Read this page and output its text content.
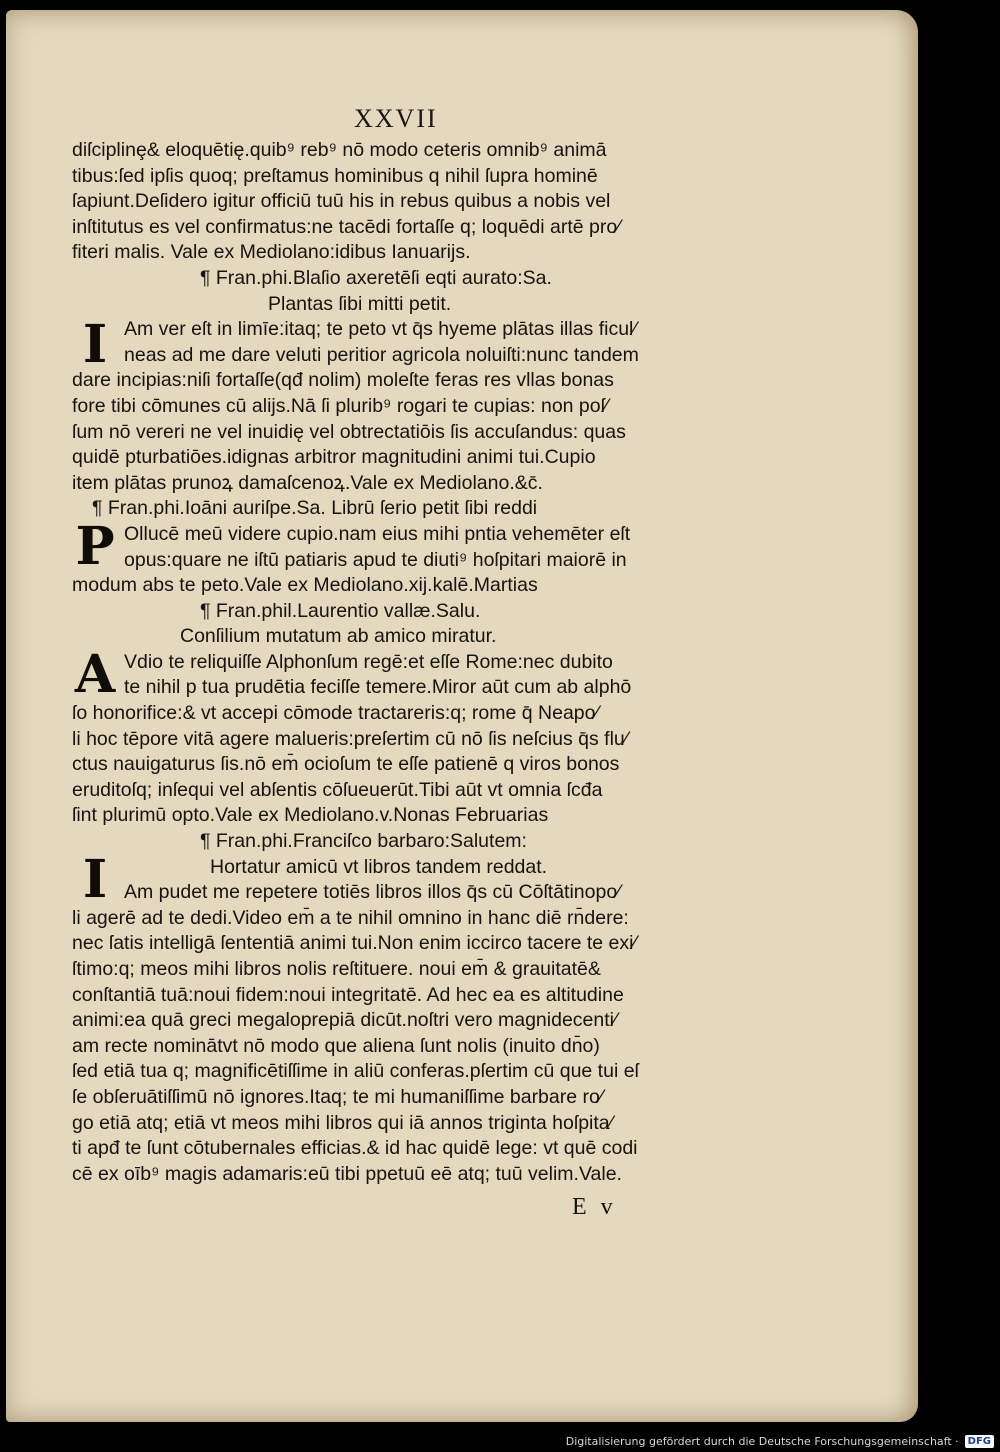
XXVII
I
P
A
I
diſciplinȩ& eloquētię.quib⁹ reb⁹ nō modo ceteris omnib⁹ animā
tibus:ſed ipſis quoq; preſtamus hominibus q nihil ſupra hominē
ſapiunt.Deſidero igitur officiū tuū his in rebus quibus a nobis vel
inſtitutus es vel confirmatus:ne tacēdi fortaſſe q; loquēdi artē pro⁄
fiteri malis. Vale ex Mediolano:idibus Ianuarijs.
¶ Fran.phi.Blaſio axeretēſi eqti aurato:Sa.
Plantas ſibi mitti petit.
Am ver eſt in limīe:itaq; te peto vt q̄s hyeme plātas illas ficul⁄
neas ad me dare veluti peritior agricola noluiſti:nunc tandem
dare incipias:niſi fortaſſe(qđ nolim) moleſte feras res vllas bonas
fore tibi cōmunes cū alijs.Nā ſi plurib⁹ rogari te cupias: non poſ⁄
ſum nō vereri ne vel inuidię vel obtrectatiōis ſis accuſandus: quas
quidē pturbatiōes.idignas arbitror magnitudini animi tui.Cupio
item plātas prunoꝝ damaſcenoꝝ.Vale ex Mediolano.&c̄.
¶ Fran.phi.Ioāni auriſpe.Sa. Librū ſerio petit ſibi reddi
Ollucē meū videre cupio.nam eius mihi pntia vehemēter eſt
opus:quare ne iſtū patiaris apud te diuti⁹ hoſpitari maiorē in
modum abs te peto.Vale ex Mediolano.xij.kalē.Martias
¶ Fran.phil.Laurentio vallæ.Salu.
Conſilium mutatum ab amico miratur.
Vdio te reliquiſſe Alphonſum regē:et eſſe Rome:nec dubito
te nihil p tua prudētia feciſſe temere.Miror aūt cum ab alphō
ſo honorifice:& vt accepi cōmode tractareris:q; rome q̄ Neapo⁄
li hoc tēpore vitā agere malueris:preſertim cū nō ſis neſcius q̄s flu⁄
ctus nauigaturus ſis.nō em̄ ocioſum te eſſe patienē q viros bonos
eruditoſq; inſequi vel abſentis cōſueuerūt.Tibi aūt vt omnia ſcđa
ſint plurimū opto.Vale ex Mediolano.v.Nonas Februarias
¶ Fran.phi.Franciſco barbaro:Salutem:
Hortatur amicū vt libros tandem reddat.
Am pudet me repetere totiēs libros illos q̄s cū Cōſtātinopo⁄
li agerē ad te dedi.Video em̄ a te nihil omnino in hanc diē rn̄dere:
nec ſatis intelligā ſententiā animi tui.Non enim iccirco tacere te exi⁄
ſtimo:q; meos mihi libros nolis reſtituere. noui em̄ & grauitatē&
conſtantiā tuā:noui fidem:noui integritatē. Ad hec ea es altitudine
animi:ea quā greci megaloprepiā dicūt.noſtri vero magnidecenti⁄
am recte nominātvt nō modo que aliena ſunt nolis (inuito dn̄o)
ſed etiā tua q; magnificētiſſime in aliū conferas.pſertim cū que tui eſ
ſe obſeruātiſſimū nō ignores.Itaq; te mi humaniſſime barbare ro⁄
go etiā atq; etiā vt meos mihi libros qui iā annos triginta hoſpita⁄
ti apđ te ſunt cōtubernales efficias.& id hac quidē lege: vt quē codi
cē ex oīb⁹ magis adamaris:eū tibi ppetuū eē atq; tuū velim.Vale.
E v
Digitalisierung gefördert durch die Deutsche Forschungsgemeinschaft · DFG
